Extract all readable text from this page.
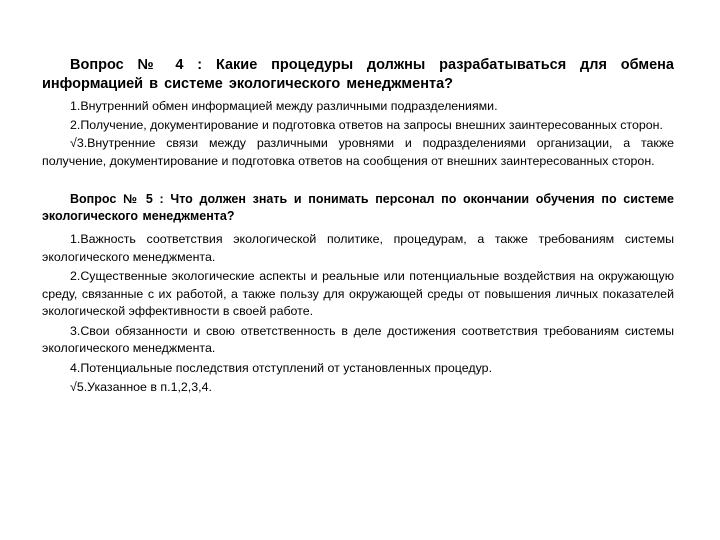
Вопрос № 4 : Какие процедуры должны разрабатываться для обмена информацией в системе экологического менеджмента?

1.Внутренний обмен информацией между различными подразделениями.

2.Получение, документирование и подготовка ответов на запросы внешних заинтересованных сторон.

√3.Внутренние связи между различными уровнями и подразделениями организации, а также получение, документирование и подготовка ответов на сообщения от внешних заинтересованных сторон.

Вопрос № 5 : Что должен знать и понимать персонал по окончании обучения по системе экологического менеджмента?

1.Важность соответствия экологической политике, процедурам, а также требованиям системы экологического менеджмента.

2.Существенные экологические аспекты и реальные или потенциальные воздействия на окружающую среду, связанные с их работой, а также пользу для окружающей среды от повышения личных показателей экологической эффективности в своей работе.

3.Свои обязанности и свою ответственность в деле достижения соответствия требованиям системы экологического менеджмента.

4.Потенциальные последствия отступлений от установленных процедур.

√5.Указанное в п.1,2,3,4.
